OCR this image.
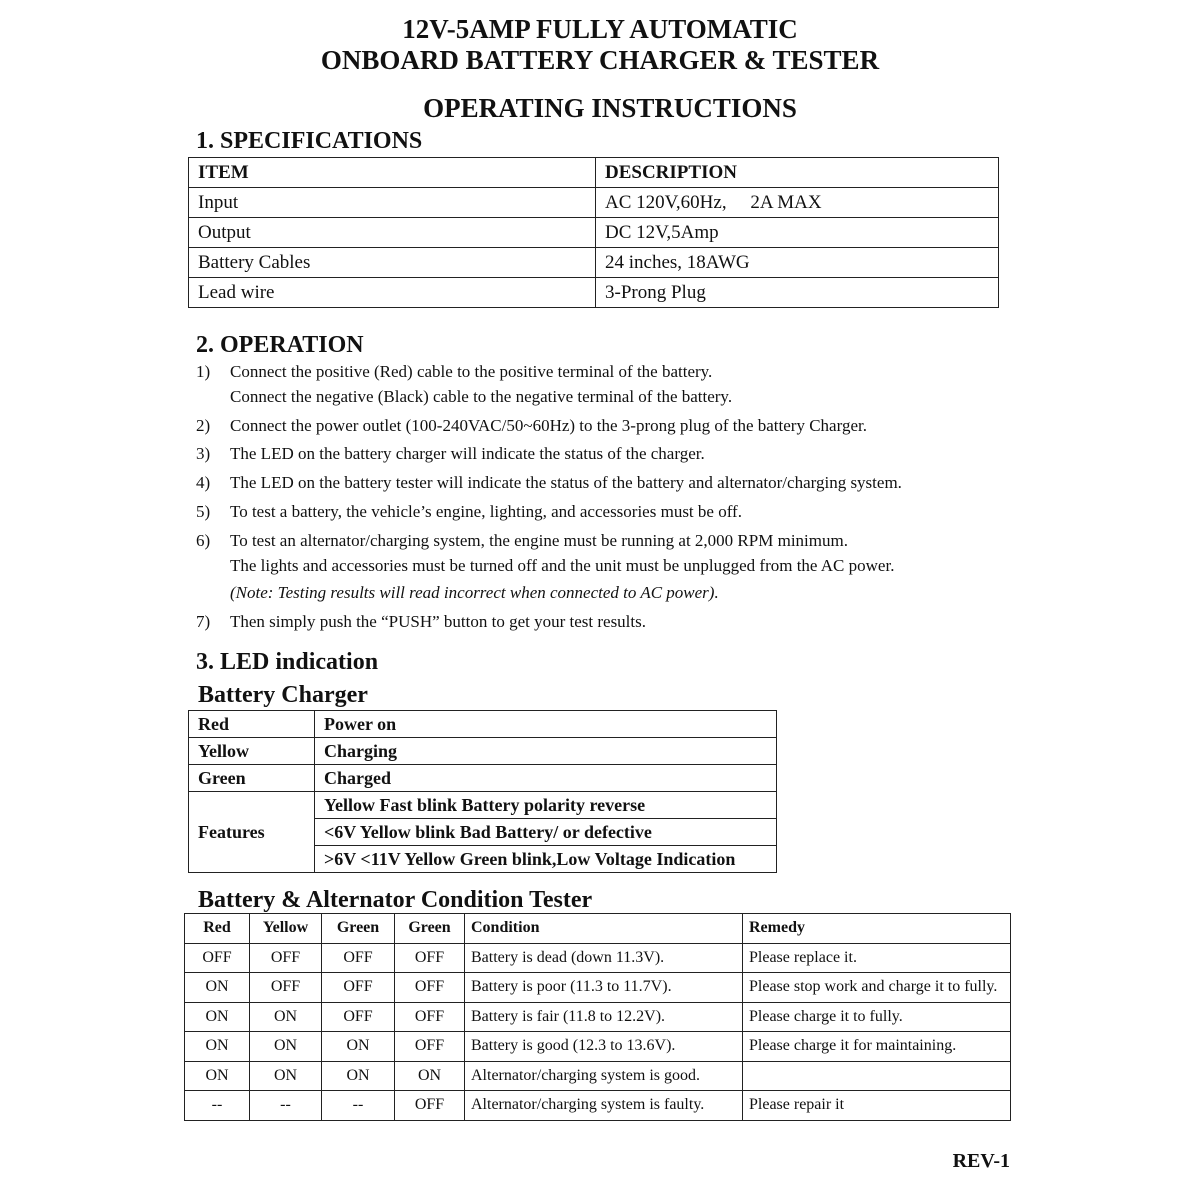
12V-5AMP FULLY AUTOMATIC
ONBOARD BATTERY CHARGER & TESTER
OPERATING INSTRUCTIONS
1. SPECIFICATIONS
ITEM	DESCRIPTION
Input	AC 120V,60Hz,     2A MAX
Output	DC 12V,5Amp
Battery Cables	24 inches, 18AWG
Lead wire	3-Prong Plug
2. OPERATION
1) Connect the positive (Red) cable to the positive terminal of the battery.
Connect the negative (Black) cable to the negative terminal of the battery.
2) Connect the power outlet (100-240VAC/50~60Hz) to the 3-prong plug of the battery Charger.
3) The LED on the battery charger will indicate the status of the charger.
4) The LED on the battery tester will indicate the status of the battery and alternator/charging system.
5) To test a battery, the vehicle’s engine, lighting, and accessories must be off.
6) To test an alternator/charging system, the engine must be running at 2,000 RPM minimum.
The lights and accessories must be turned off and the unit must be unplugged from the AC power.
(Note: Testing results will read incorrect when connected to AC power).
7) Then simply push the “PUSH” button to get your test results.
3. LED indication
Battery Charger
Red	Power on
Yellow	Charging
Green	Charged
Features	Yellow Fast blink Battery polarity reverse
	<6V Yellow blink Bad Battery/ or defective
	>6V <11V Yellow Green blink,Low Voltage Indication
Battery & Alternator Condition Tester
Red	Yellow	Green	Green	Condition	Remedy
OFF	OFF	OFF	OFF	Battery is dead (down 11.3V).	Please replace it.
ON	OFF	OFF	OFF	Battery is poor (11.3 to 11.7V).	Please stop work and charge it to fully.
ON	ON	OFF	OFF	Battery is fair (11.8 to 12.2V).	Please charge it to fully.
ON	ON	ON	OFF	Battery is good (12.3 to 13.6V).	Please charge it for maintaining.
ON	ON	ON	ON	Alternator/charging system is good.	
--	--	--	OFF	Alternator/charging system is faulty.	Please repair it
REV-1
